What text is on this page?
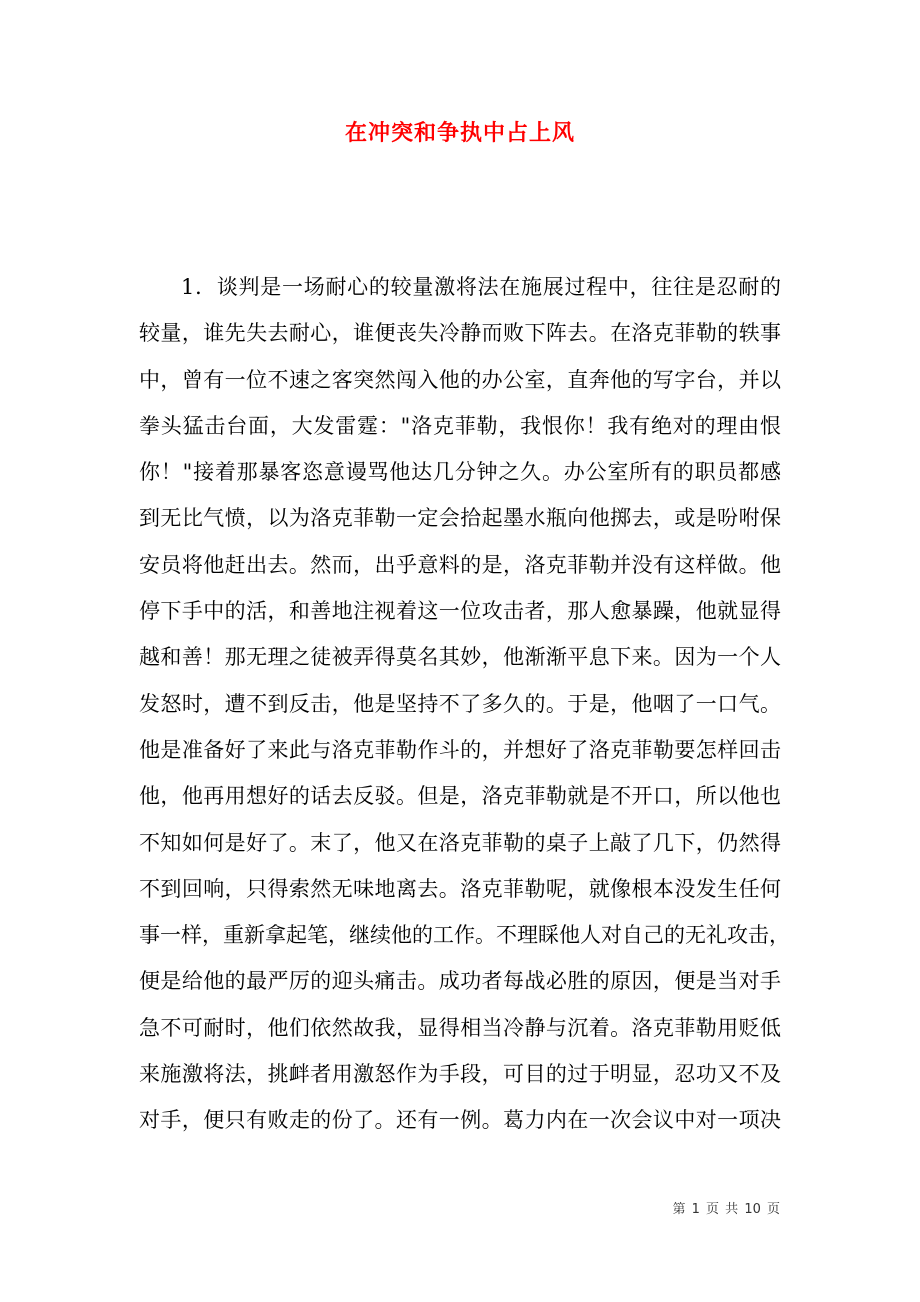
在冲突和争执中占上风
1．谈判是一场耐心的较量激将法在施展过程中，往往是忍耐的
较量，谁先失去耐心，谁便丧失冷静而败下阵去。在洛克菲勒的轶事
中，曾有一位不速之客突然闯入他的办公室，直奔他的写字台，并以
拳头猛击台面，大发雷霆："洛克菲勒，我恨你！我有绝对的理由恨
你！"接着那暴客恣意谩骂他达几分钟之久。办公室所有的职员都感
到无比气愤，以为洛克菲勒一定会拾起墨水瓶向他掷去，或是吩咐保
安员将他赶出去。然而，出乎意料的是，洛克菲勒并没有这样做。他
停下手中的活，和善地注视着这一位攻击者，那人愈暴躁，他就显得
越和善！那无理之徒被弄得莫名其妙，他渐渐平息下来。因为一个人
发怒时，遭不到反击，他是坚持不了多久的。于是，他咽了一口气。
他是准备好了来此与洛克菲勒作斗的，并想好了洛克菲勒要怎样回击
他，他再用想好的话去反驳。但是，洛克菲勒就是不开口，所以他也
不知如何是好了。末了，他又在洛克菲勒的桌子上敲了几下，仍然得
不到回响，只得索然无味地离去。洛克菲勒呢，就像根本没发生任何
事一样，重新拿起笔，继续他的工作。不理睬他人对自己的无礼攻击，
便是给他的最严厉的迎头痛击。成功者每战必胜的原因，便是当对手
急不可耐时，他们依然故我，显得相当冷静与沉着。洛克菲勒用贬低
来施激将法，挑衅者用激怒作为手段，可目的过于明显，忍功又不及
对手，便只有败走的份了。还有一例。葛力内在一次会议中对一项决
第 1 页 共 10 页
